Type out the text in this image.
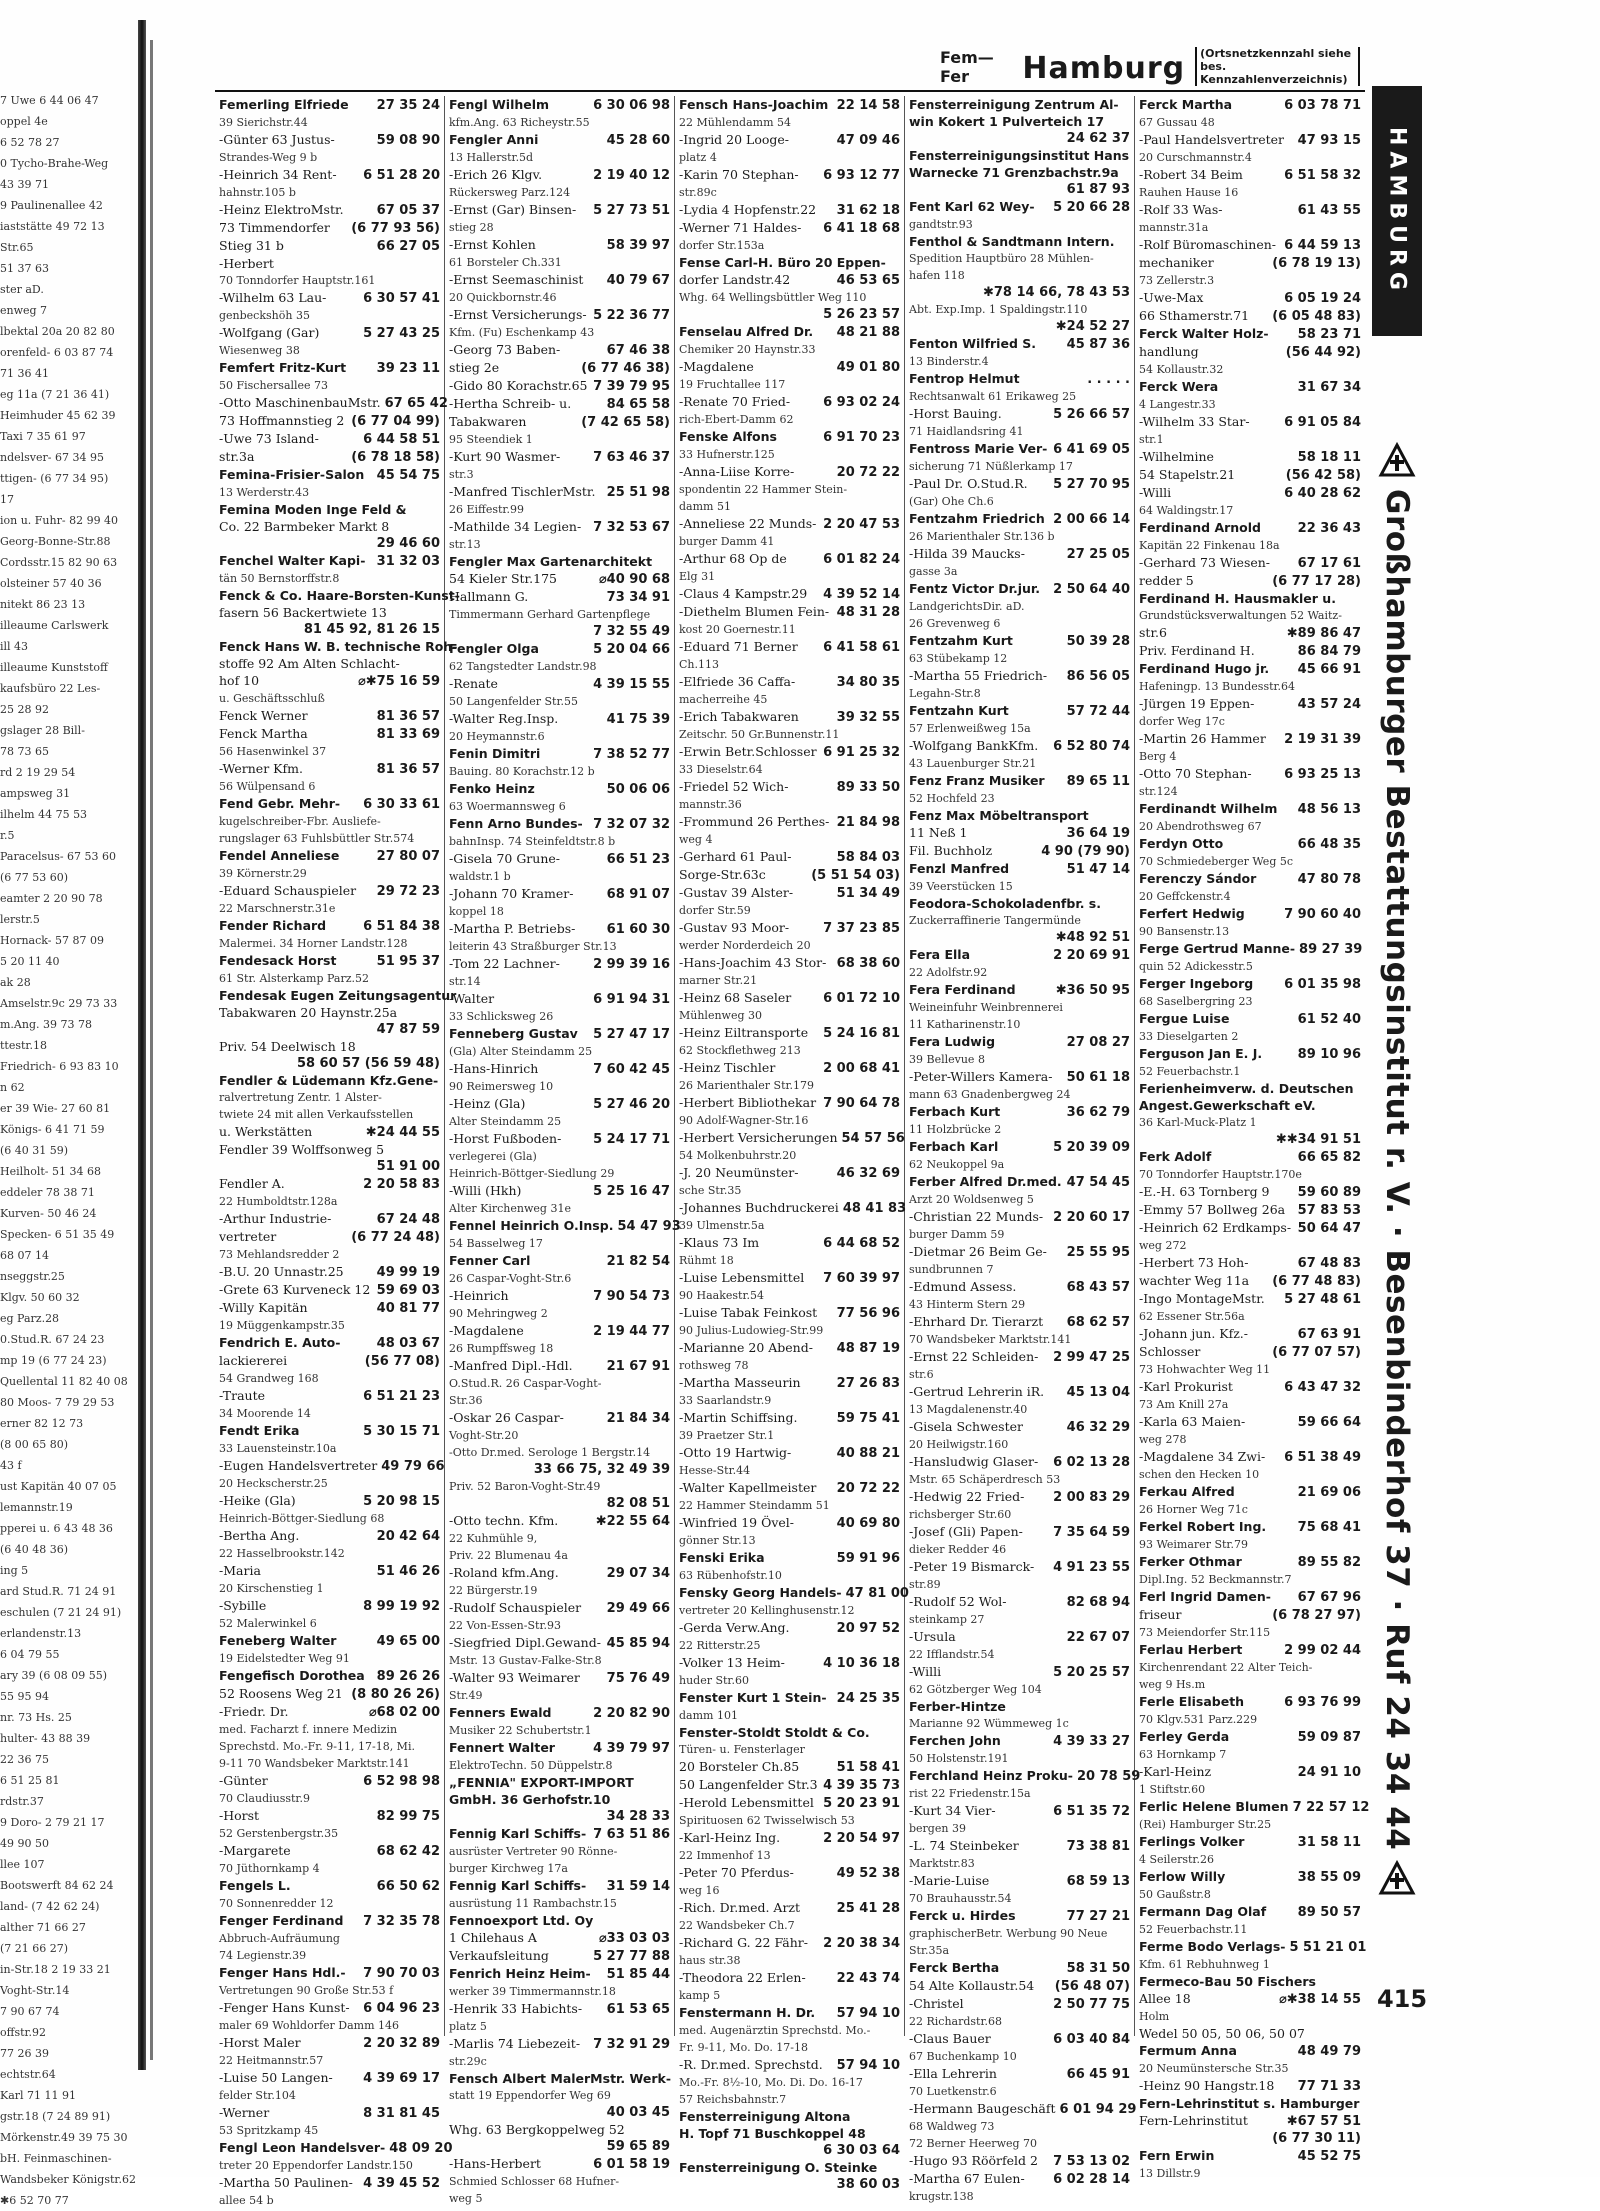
7 Uwe 6 44 06 47
oppel 4e
6 52 78 27
0 Tycho-Brahe-Weg
43 39 71
9 Paulinenallee 42
iaststätte 49 72 13
Str.65
51 37 63
ster aD.
enweg 7
lbektal 20a 20 82 80
orenfeld- 6 03 87 74
71 36 41
eg 11a (7 21 36 41)
Heimhuder 45 62 39
Taxi 7 35 61 97
ndelsver- 67 34 95
ttigen- (6 77 34 95)
17
ion u. Fuhr- 82 99 40
Georg-Bonne-Str.88
Cordsstr.15 82 90 63
olsteiner 57 40 36
nitekt 86 23 13
illeaume Carlswerk
ill 43
illeaume Kunststoff
kaufsbüro 22 Les-
25 28 92
gslager 28 Bill-
78 73 65
rd 2 19 29 54
ampsweg 31
ilhelm 44 75 53
r.5
Paracelsus- 67 53 60
(6 77 53 60)
eamter 2 20 90 78
lerstr.5
Hornack- 57 87 09
5 20 11 40
ak 28
Amselstr.9c 29 73 33
m.Ang. 39 73 78
ttestr.18
Friedrich- 6 93 83 10
n 62
er 39 Wie- 27 60 81
Königs- 6 41 71 59
(6 40 31 59)
Heilholt- 51 34 68
eddeler 78 38 71
Kurven- 50 46 24
Specken- 6 51 35 49
68 07 14
nseggstr.25
Klgv. 50 60 32
eg Parz.28
0.Stud.R. 67 24 23
mp 19 (6 77 24 23)
Quellental 11 82 40 08
80 Moos- 7 79 29 53
erner 82 12 73
(8 00 65 80)
43 f
ust Kapitän 40 07 05
lemannstr.19
pperei u. 6 43 48 36
(6 40 48 36)
ing 5
ard Stud.R. 71 24 91
eschulen (7 21 24 91)
erlandenstr.13
6 04 79 55
ary 39 (6 08 09 55)
55 95 94
nr. 73 Hs. 25
hulter- 43 88 39
22 36 75
6 51 25 81
rdstr.37
9 Doro- 2 79 21 17
49 90 50
llee 107
Bootswerft 84 62 24
land- (7 42 62 24)
alther 71 66 27
(7 21 66 27)
in-Str.18 2 19 33 21
Voght-Str.14
7 90 67 74
offstr.92
77 26 39
echtstr.64
Karl 71 11 91
gstr.18 (7 24 89 91)
Mörkenstr.49 39 75 30
bH. Feinmaschinen-
Wandsbeker Königstr.62
✱6 52 70 77
Fem—Fer	Hamburg	(Ortsnetzkennzahl siehe
bes. Kennzahlenverzeichnis)
Femerling Elfriede	27 35 24
39 Sierichstr.44
-Günter 63 Justus-	59 08 90
Strandes-Weg 9 b
-Heinrich 34 Rent-	6 51 28 20
hahnstr.105 b
-Heinz ElektroMstr.	67 05 37
73 Timmendorfer	(6 77 93 56)
Stieg 31 b	66 27 05
-Herbert
70 Tonndorfer Hauptstr.161
-Wilhelm 63 Lau-	6 30 57 41
genbeckshöh 35
-Wolfgang (Gar)	5 27 43 25
Wiesenweg 38
Femfert Fritz-Kurt	39 23 11
50 Fischersallee 73
-Otto MaschinenbauMstr. 67 65 42
73 Hoffmannstieg 2 (6 77 04 99)
-Uwe 73 Island-	6 44 58 51
str.3a	(6 78 18 58)
Femina-Frisier-Salon 45 54 75
13 Werderstr.43
Femina Moden Inge Feld &
Co. 22 Barmbeker Markt 8
29 46 60
Fenchel Walter Kapi- 31 32 03
tän 50 Bernstorffstr.8
Fenck & Co. Haare-Borsten-Kunst-
fasern 56 Backertwiete 13
81 45 92, 81 26 15
Fenck Hans W. B. technische Roh-
stoffe 92 Am Alten Schlacht-
hof 10	⌀✱75 16 59
u. Geschäftsschluß
Fenck Werner	81 36 57
Fenck Martha	81 33 69
56 Hasenwinkel 37
-Werner Kfm.	81 36 57
56 Wülpensand 6
Fend Gebr. Mehr-	6 30 33 61
kugelschreiber-Fbr. Ausliefe-
rungslager 63 Fuhlsbüttler Str.574
Fendel Anneliese	27 80 07
39 Körnerstr.29
-Eduard Schauspieler	29 72 23
22 Marschnerstr.31e
Fender Richard	6 51 84 38
Malermei. 34 Horner Landstr.128
Fendesack Horst	51 95 37
61 Str. Alsterkamp Parz.52
Fendesak Eugen Zeitungsagentur
Tabakwaren 20 Haynstr.25a
47 87 59
Priv. 54 Deelwisch 18
58 60 57 (56 59 48)
Fendler & Lüdemann Kfz.Gene-
ralvertretung Zentr. 1 Alster-
twiete 24 mit allen Verkaufsstellen
u. Werkstätten	✱24 44 55
Fendler 39 Wolffsonweg 5
51 91 00
Fendler A.	2 20 58 83
22 Humboldtstr.128a
-Arthur Industrie-	67 24 48
vertreter	(6 77 24 48)
73 Mehlandsredder 2
-B.U. 20 Unnastr.25	49 99 19
-Grete 63 Kurveneck 12 59 69 03
-Willy Kapitän	40 81 77
19 Müggenkampstr.35
Fendrich E. Auto-	48 03 67
lackiererei	(56 77 08)
54 Grandweg 168
-Traute	6 51 21 23
34 Moorende 14
Fendt Erika	5 30 15 71
33 Lauensteinstr.10a
-Eugen Handelsvertreter 49 79 66
20 Heckscherstr.25
-Heike (Gla)	5 20 98 15
Heinrich-Böttger-Siedlung 68
-Bertha Ang.	20 42 64
22 Hasselbrookstr.142
-Maria	51 46 26
20 Kirschenstieg 1
-Sybille	8 99 19 92
52 Malerwinkel 6
Feneberg Walter	49 65 00
19 Eidelstedter Weg 91
Fengefisch Dorothea 89 26 26
52 Roosens Weg 21 (8 80 26 26)
-Friedr. Dr.	⌀68 02 00
med. Facharzt f. innere Medizin
Sprechstd. Mo.-Fr. 9-11, 17-18, Mi.
9-11 70 Wandsbeker Marktstr.141
-Günter	6 52 98 98
70 Claudiusstr.9
-Horst	82 99 75
52 Gerstenbergstr.35
-Margarete	68 62 42
70 Jüthornkamp 4
Fengels L.	66 50 62
70 Sonnenredder 12
Fenger Ferdinand	7 32 35 78
Abbruch-Aufräumung
74 Legienstr.39
Fenger Hans Hdl.-	7 90 70 03
Vertretungen 90 Große Str.53 f
-Fenger Hans Kunst-	6 04 96 23
maler 69 Wohldorfer Damm 146
-Horst Maler	2 20 32 89
22 Heitmannstr.57
-Luise 50 Langen-	4 39 69 17
felder Str.104
-Werner	8 31 81 45
53 Spritzkamp 45
Fengl Leon Handelsver- 48 09 20
treter 20 Eppendorfer Landstr.150
-Martha 50 Paulinen- 4 39 45 52
allee 54 b
Fengl Wilhelm	6 30 06 98
kfm.Ang. 63 Richeystr.55
Fengler Anni	45 28 60
13 Hallerstr.5d
-Erich 26 Klgv.	2 19 40 12
Rückersweg Parz.124
-Ernst (Gar) Binsen-	5 27 73 51
stieg 28
-Ernst Kohlen	58 39 97
61 Borsteler Ch.331
-Ernst Seemaschinist	40 79 67
20 Quickbornstr.46
-Ernst Versicherungs- 5 22 36 77
Kfm. (Fu) Eschenkamp 43
-Georg 73 Baben-	67 46 38
stieg 2e	(6 77 46 38)
-Gido 80 Korachstr.65 7 39 79 95
-Hertha Schreib- u.	84 65 58
Tabakwaren	(7 42 65 58)
95 Steendiek 1
-Kurt 90 Wasmer-	7 63 46 37
str.3
-Manfred TischlerMstr. 25 51 98
26 Eiffestr.99
-Mathilde 34 Legien- 7 32 53 67
str.13
Fengler Max Gartenarchitekt
54 Kieler Str.175	⌀40 90 68
Hallmann G.	73 34 91
Timmermann Gerhard Gartenpflege
7 32 55 49
Fengler Olga	5 20 04 66
62 Tangstedter Landstr.98
-Renate	4 39 15 55
50 Langenfelder Str.55
-Walter Reg.Insp.	41 75 39
20 Heymannstr.6
Fenin Dimitri	7 38 52 77
Bauing. 80 Korachstr.12 b
Fenko Heinz	50 06 06
63 Woermannsweg 6
Fenn Arno Bundes- 7 32 07 32
bahnInsp. 74 Steinfeldtstr.8 b
-Gisela 70 Grune-	66 51 23
waldstr.1 b
-Johann 70 Kramer-	68 91 07
koppel 18
-Martha P. Betriebs-	61 60 30
leiterin 43 Straßburger Str.13
-Tom 22 Lachner-	2 99 39 16
str.14
-Walter	6 91 94 31
33 Schlicksweg 26
Fenneberg Gustav	5 27 47 17
(Gla) Alter Steindamm 25
-Hans-Hinrich	7 60 42 45
90 Reimersweg 10
-Heinz (Gla)	5 27 46 20
Alter Steindamm 25
-Horst Fußboden-	5 24 17 71
verlegerei (Gla)
Heinrich-Böttger-Siedlung 29
-Willi (Hkh)	5 25 16 47
Alter Kirchenweg 31e
Fennel Heinrich O.Insp. 54 47 93
54 Basselweg 17
Fenner Carl	21 82 54
26 Caspar-Voght-Str.6
-Heinrich	7 90 54 73
90 Mehringweg 2
-Magdalene	2 19 44 77
26 Rumpffsweg 18
-Manfred Dipl.-Hdl.	21 67 91
O.Stud.R. 26 Caspar-Voght-
Str.36
-Oskar 26 Caspar-	21 84 34
Voght-Str.20
-Otto Dr.med. Serologe 1 Bergstr.14
33 66 75, 32 49 39
Priv. 52 Baron-Voght-Str.49
82 08 51
-Otto techn. Kfm.	✱22 55 64
22 Kuhmühle 9,
Priv. 22 Blumenau 4a
-Roland kfm.Ang.	29 07 34
22 Bürgerstr.19
-Rudolf Schauspieler	29 49 66
22 Von-Essen-Str.93
-Siegfried Dipl.Gewand- 45 85 94
Mstr. 13 Gustav-Falke-Str.8
-Walter 93 Weimarer	75 76 49
Str.49
Fenners Ewald	2 20 82 90
Musiker 22 Schubertstr.1
Fennert Walter	4 39 79 97
ElektroTechn. 50 Düppelstr.8
„FENNIA" EXPORT-IMPORT
GmbH. 36 Gerhofstr.10
34 28 33
Fennig Karl Schiffs- 7 63 51 86
ausrüster Vertreter 90 Rönne-
burger Kirchweg 17a
Fennig Karl Schiffs-	31 59 14
ausrüstung 11 Rambachstr.15
Fennoexport Ltd. Oy
1 Chilehaus A	⌀33 03 03
Verkaufsleitung	5 27 77 88
Fenrich Heinz Heim-	51 85 44
werker 39 Timmermannstr.18
-Henrik 33 Habichts-	61 53 65
platz 5
-Marlis 74 Liebezeit-	7 32 91 29
str.29c
Fensch Albert MalerMstr. Werk-
statt 19 Eppendorfer Weg 69
40 03 45
Whg. 63 Bergkoppelweg 52
59 65 89
-Hans-Herbert	6 01 58 19
Schmied Schlosser 68 Hufner-
weg 5
Fensch Hans-Joachim 22 14 58
22 Mühlendamm 54
-Ingrid 20 Looge-	47 09 46
platz 4
-Karin 70 Stephan-	6 93 12 77
str.89c
-Lydia 4 Hopfenstr.22	31 62 18
-Werner 71 Haldes-	6 41 18 68
dorfer Str.153a
Fense Carl-H. Büro 20 Eppen-
dorfer Landstr.42	46 53 65
Whg. 64 Wellingsbüttler Weg 110
5 26 23 57
Fenselau Alfred Dr.	48 21 88
Chemiker 20 Haynstr.33
-Magdalene	49 01 80
19 Fruchtallee 117
-Renate 70 Fried-	6 93 02 24
rich-Ebert-Damm 62
Fenske Alfons	6 91 70 23
33 Hufnerstr.125
-Anna-Liise Korre-	20 72 22
spondentin 22 Hammer Stein-
damm 51
-Anneliese 22 Munds- 2 20 47 53
burger Damm 41
-Arthur 68 Op de	6 01 82 24
Elg 31
-Claus 4 Kampstr.29	4 39 52 14
-Diethelm Blumen Fein- 48 31 28
kost 20 Goernestr.11
-Eduard 71 Berner	6 41 58 61
Ch.113
-Elfriede 36 Caffa-	34 80 35
macherreihe 45
-Erich Tabakwaren	39 32 55
Zeitschr. 50 Gr.Bunnenstr.11
-Erwin Betr.Schlosser 6 91 25 32
33 Dieselstr.64
-Friedel 52 Wich-	89 33 50
mannstr.36
-Frommund 26 Perthes- 21 84 98
weg 4
-Gerhard 61 Paul-	58 84 03
Sorge-Str.63c	(5 51 54 03)
-Gustav 39 Alster-	51 34 49
dorfer Str.59
-Gustav 93 Moor-	7 37 23 85
werder Norderdeich 20
-Hans-Joachim 43 Stor- 68 38 60
marner Str.21
-Heinz 68 Saseler	6 01 72 10
Mühlenweg 30
-Heinz Eiltransporte	5 24 16 81
62 Stockflethweg 213
-Heinz Tischler	2 00 68 41
26 Marienthaler Str.179
-Herbert Bibliothekar 7 90 64 78
90 Adolf-Wagner-Str.16
-Herbert Versicherungen 54 57 56
54 Molkenbuhrstr.20
-J. 20 Neumünster-	46 32 69
sche Str.35
-Johannes Buchdruckerei 48 41 83
39 Ulmenstr.5a
-Klaus 73 Im	6 44 68 52
Rühmt 18
-Luise Lebensmittel	7 60 39 97
90 Haakestr.54
-Luise Tabak Feinkost	77 56 96
90 Julius-Ludowieg-Str.99
-Marianne 20 Abend-	48 87 19
rothsweg 78
-Martha Masseurin	27 26 83
33 Saarlandstr.9
-Martin Schiffsing.	59 75 41
39 Praetzer Str.1
-Otto 19 Hartwig-	40 88 21
Hesse-Str.44
-Walter Kapellmeister	20 72 22
22 Hammer Steindamm 51
-Winfried 19 Övel-	40 69 80
gönner Str.13
Fenski Erika	59 91 96
63 Rübenhofstr.10
Fensky Georg Handels- 47 81 00
vertreter 20 Kellinghusenstr.12
-Gerda Verw.Ang.	20 97 52
22 Ritterstr.25
-Volker 13 Heim-	4 10 36 18
huder Str.60
Fenster Kurt 1 Stein- 24 25 35
damm 101
Fenster-Stoldt Stoldt & Co.
Türen- u. Fensterlager
20 Borsteler Ch.85	51 58 41
50 Langenfelder Str.3 4 39 35 73
-Herold Lebensmittel 5 20 23 91
Spirituosen 62 Twisselwisch 53
-Karl-Heinz Ing.	2 20 54 97
22 Immenhof 13
-Peter 70 Pferdus-	49 52 38
weg 16
-Rich. Dr.med. Arzt	25 41 28
22 Wandsbeker Ch.7
-Richard G. 22 Fähr-	2 20 38 34
haus str.38
-Theodora 22 Erlen-	22 43 74
kamp 5
Fenstermann H. Dr.	57 94 10
med. Augenärztin Sprechstd. Mo.-
Fr. 9-11, Mo. Do. 17-18
-R. Dr.med. Sprechstd.	57 94 10
Mo.-Fr. 8½-10, Mo. Di. Do. 16-17
57 Reichsbahnstr.7
Fensterreinigung Altona
H. Topf 71 Buschkoppel 48
6 30 03 64
Fensterreinigung O. Steinke
38 60 03
Fensterreinigung Zentrum Al-
win Kokert 1 Pulverteich 17
24 62 37
Fensterreinigungsinstitut Hans
Warnecke 71 Grenzbachstr.9a
61 87 93
Fent Karl 62 Wey-	5 20 66 28
gandtstr.93
Fenthol & Sandtmann Intern.
Spedition Hauptbüro 28 Mühlen-
hafen 118
✱78 14 66, 78 43 53
Abt. Exp.Imp. 1 Spaldingstr.110
✱24 52 27
Fenton Wilfried S.	45 87 36
13 Binderstr.4
Fentrop Helmut	. . . . .
Rechtsanwalt 61 Erikaweg 25
-Horst Bauing.	5 26 66 57
71 Haidlandsring 41
Fentross Marie Ver- 6 41 69 05
sicherung 71 Nüßlerkamp 17
-Paul Dr. O.Stud.R.	5 27 70 95
(Gar) Ohe Ch.6
Fentzahm Friedrich 2 00 66 14
26 Marienthaler Str.136 b
-Hilda 39 Maucks-	27 25 05
gasse 3a
Fentz Victor Dr.jur.	2 50 64 40
LandgerichtsDir. aD.
26 Grevenweg 6
Fentzahm Kurt	50 39 28
63 Stübekamp 12
-Martha 55 Friedrich-	86 56 05
Legahn-Str.8
Fentzahn Kurt	57 72 44
57 Erlenweißweg 15a
-Wolfgang BankKfm.	6 52 80 74
43 Lauenburger Str.21
Fenz Franz Musiker	89 65 11
52 Hochfeld 23
Fenz Max Möbeltransport
11 Neß 1	36 64 19
Fil. Buchholz	4 90 (79 90)
Fenzl Manfred	51 47 14
39 Veerstücken 15
Feodora-Schokoladenfbr. s.
Zuckerraffinerie Tangermünde
✱48 92 51
Fera Ella	2 20 69 91
22 Adolfstr.92
Fera Ferdinand	✱36 50 95
Weineinfuhr Weinbrennerei
11 Katharinenstr.10
Fera Ludwig	27 08 27
39 Bellevue 8
-Peter-Willers Kamera-	50 61 18
mann 63 Gnadenbergweg 24
Ferbach Kurt	36 62 79
11 Holzbrücke 2
Ferbach Karl	5 20 39 09
62 Neukoppel 9a
Ferber Alfred Dr.med. 47 54 45
Arzt 20 Woldsenweg 5
-Christian 22 Munds- 2 20 60 17
burger Damm 59
-Dietmar 26 Beim Ge-	25 55 95
sundbrunnen 7
-Edmund Assess.	68 43 57
43 Hinterm Stern 29
-Ehrhard Dr. Tierarzt	68 62 57
70 Wandsbeker Marktstr.141
-Ernst 22 Schleiden-	2 99 47 25
str.6
-Gertrud Lehrerin iR.	45 13 04
13 Magdalenenstr.40
-Gisela Schwester	46 32 29
20 Heilwigstr.160
-Hansludwig Glaser-	6 02 13 28
Mstr. 65 Schäperdresch 53
-Hedwig 22 Fried-	2 00 83 29
richsberger Str.60
-Josef (Gli) Papen-	7 35 64 59
dieker Redder 46
-Peter 19 Bismarck-	4 91 23 55
str.89
-Rudolf 52 Wol-	82 68 94
steinkamp 27
-Ursula	22 67 07
22 Ifflandstr.54
-Willi	5 20 25 57
62 Götzberger Weg 104
Ferber-Hintze
Marianne 92 Wümmeweg 1c
Ferchen John	4 39 33 27
50 Holstenstr.191
Ferchland Heinz Proku- 20 78 59
rist 22 Friedenstr.15a
-Kurt 34 Vier-	6 51 35 72
bergen 39
-L. 74 Steinbeker	73 38 81
Marktstr.83
-Marie-Luise	68 59 13
70 Brauhausstr.54
Ferck u. Hirdes	77 27 21
graphischerBetr. Werbung 90 Neue
Str.35a
Ferck Bertha	58 31 50
54 Alte Kollaustr.54	(56 48 07)
-Christel	2 50 77 75
22 Richardstr.68
-Claus Bauer	6 03 40 84
67 Buchenkamp 10
-Ella Lehrerin	66 45 91
70 Luetkenstr.6
-Hermann Baugeschäft 6 01 94 29
68 Waldweg 73
72 Berner Heerweg 70
-Hugo 93 Röörfeld 2	7 53 13 02
-Martha 67 Eulen-	6 02 28 14
krugstr.138
Ferck Martha	6 03 78 71
67 Gussau 48
-Paul Handelsvertreter	47 93 15
20 Curschmannstr.4
-Robert 34 Beim	6 51 58 32
Rauhen Hause 16
-Rolf 33 Was-	61 43 55
mannstr.31a
-Rolf Büromaschinen- 6 44 59 13
mechaniker	(6 78 19 13)
73 Zellerstr.3
-Uwe-Max	6 05 19 24
66 Sthamerstr.71	(6 05 48 83)
Ferck Walter Holz-	58 23 71
handlung	(56 44 92)
54 Kollaustr.32
Ferck Wera	31 67 34
4 Langestr.33
-Wilhelm 33 Star-	6 91 05 84
str.1
-Wilhelmine	58 18 11
54 Stapelstr.21	(56 42 58)
-Willi	6 40 28 62
64 Waldingstr.17
Ferdinand Arnold	22 36 43
Kapitän 22 Finkenau 18a
-Gerhard 73 Wiesen-	67 17 61
redder 5	(6 77 17 28)
Ferdinand H. Hausmakler u.
Grundstücksverwaltungen 52 Waitz-
str.6	✱89 86 47
Priv. Ferdinand H.	86 84 79
Ferdinand Hugo jr.	45 66 91
Hafeningp. 13 Bundesstr.64
-Jürgen 19 Eppen-	43 57 24
dorfer Weg 17c
-Martin 26 Hammer	2 19 31 39
Berg 4
-Otto 70 Stephan-	6 93 25 13
str.124
Ferdinandt Wilhelm	48 56 13
20 Abendrothsweg 67
Ferdyn Otto	66 48 35
70 Schmiedeberger Weg 5c
Ferenczy Sándor	47 80 78
20 Geffckenstr.4
Ferfert Hedwig	7 90 60 40
90 Bansenstr.13
Ferge Gertrud Manne- 89 27 39
quin 52 Adickesstr.5
Ferger Ingeborg	6 01 35 98
68 Saselbergring 23
Fergue Luise	61 52 40
33 Dieselgarten 2
Ferguson Jan E. J.	89 10 96
52 Feuerbachstr.1
Ferienheimverw. d. Deutschen
Angest.Gewerkschaft eV.
36 Karl-Muck-Platz 1
✱✱34 91 51
Ferk Adolf	66 65 82
70 Tonndorfer Hauptstr.170e
-E.-H. 63 Tornberg 9	59 60 89
-Emmy 57 Bollweg 26a 57 83 53
-Heinrich 62 Erdkamps- 50 64 47
weg 272
-Herbert 73 Hoh-	67 48 83
wachter Weg 11a	(6 77 48 83)
-Ingo MontageMstr.	5 27 48 61
62 Essener Str.56a
-Johann jun. Kfz.-	67 63 91
Schlosser	(6 77 07 57)
73 Hohwachter Weg 11
-Karl Prokurist	6 43 47 32
73 Am Knill 27a
-Karla 63 Maien-	59 66 64
weg 278
-Magdalene 34 Zwi-	6 51 38 49
schen den Hecken 10
Ferkau Alfred	21 69 06
26 Horner Weg 71c
Ferkel Robert Ing.	75 68 41
93 Weimarer Str.79
Ferker Othmar	89 55 82
Dipl.Ing. 52 Beckmannstr.7
Ferl Ingrid Damen-	67 67 96
friseur	(6 78 27 97)
73 Meiendorfer Str.115
Ferlau Herbert	2 99 02 44
Kirchenrendant 22 Alter Teich-
weg 9 Hs.m
Ferle Elisabeth	6 93 76 99
70 Klgv.531 Parz.229
Ferley Gerda	59 09 87
63 Hornkamp 7
-Karl-Heinz	24 91 10
1 Stiftstr.60
Ferlic Helene Blumen 7 22 57 12
(Rei) Hamburger Str.25
Ferlings Volker	31 58 11
4 Seilerstr.26
Ferlow Willy	38 55 09
50 Gaußstr.8
Fermann Dag Olaf	89 50 57
52 Feuerbachstr.11
Ferme Bodo Verlags- 5 51 21 01
Kfm. 61 Rebhuhnweg 1
Fermeco-Bau 50 Fischers
Allee 18	⌀✱38 14 55
Holm
Wedel 50 05, 50 06, 50 07
Fermum Anna	48 49 79
20 Neumünstersche Str.35
-Heinz 90 Hangstr.18	77 71 33
Fern-Lehrinstitut s. Hamburger
Fern-Lehrinstitut	✱67 57 51
(6 77 30 11)
Fern Erwin	45 52 75
13 Dillstr.9
HAMBURG
Großhamburger Bestattungsinstitut r. V. · Besenbinderhof 37 · Ruf 24 34 44
415
